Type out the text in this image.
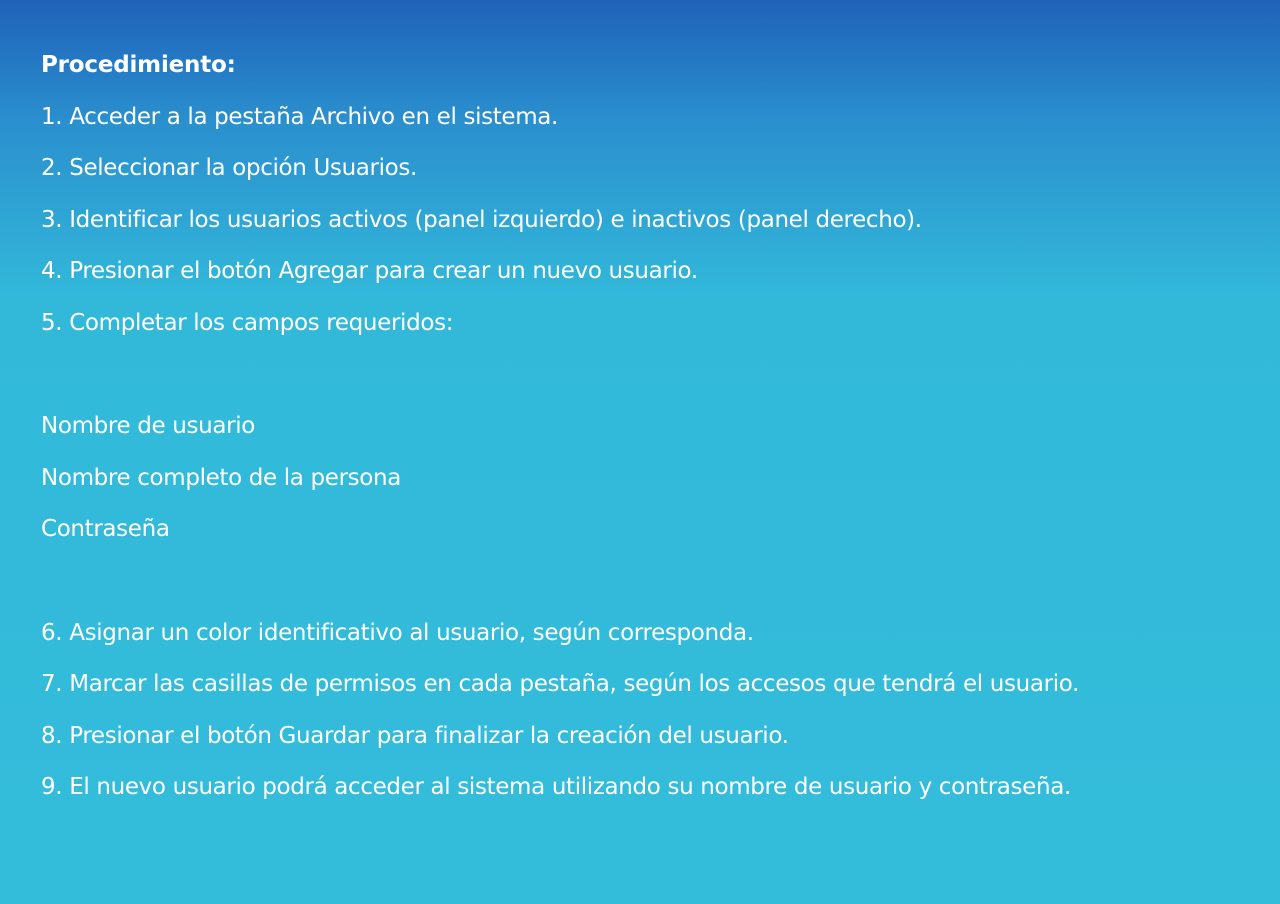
Procedimiento:
1. Acceder a la pestaña Archivo en el sistema.
2. Seleccionar la opción Usuarios.
3. Identificar los usuarios activos (panel izquierdo) e inactivos (panel derecho).
4. Presionar el botón Agregar para crear un nuevo usuario.
5. Completar los campos requeridos:
Nombre de usuario
Nombre completo de la persona
Contraseña
6. Asignar un color identificativo al usuario, según corresponda.
7. Marcar las casillas de permisos en cada pestaña, según los accesos que tendrá el usuario.
8. Presionar el botón Guardar para finalizar la creación del usuario.
9. El nuevo usuario podrá acceder al sistema utilizando su nombre de usuario y contraseña.
